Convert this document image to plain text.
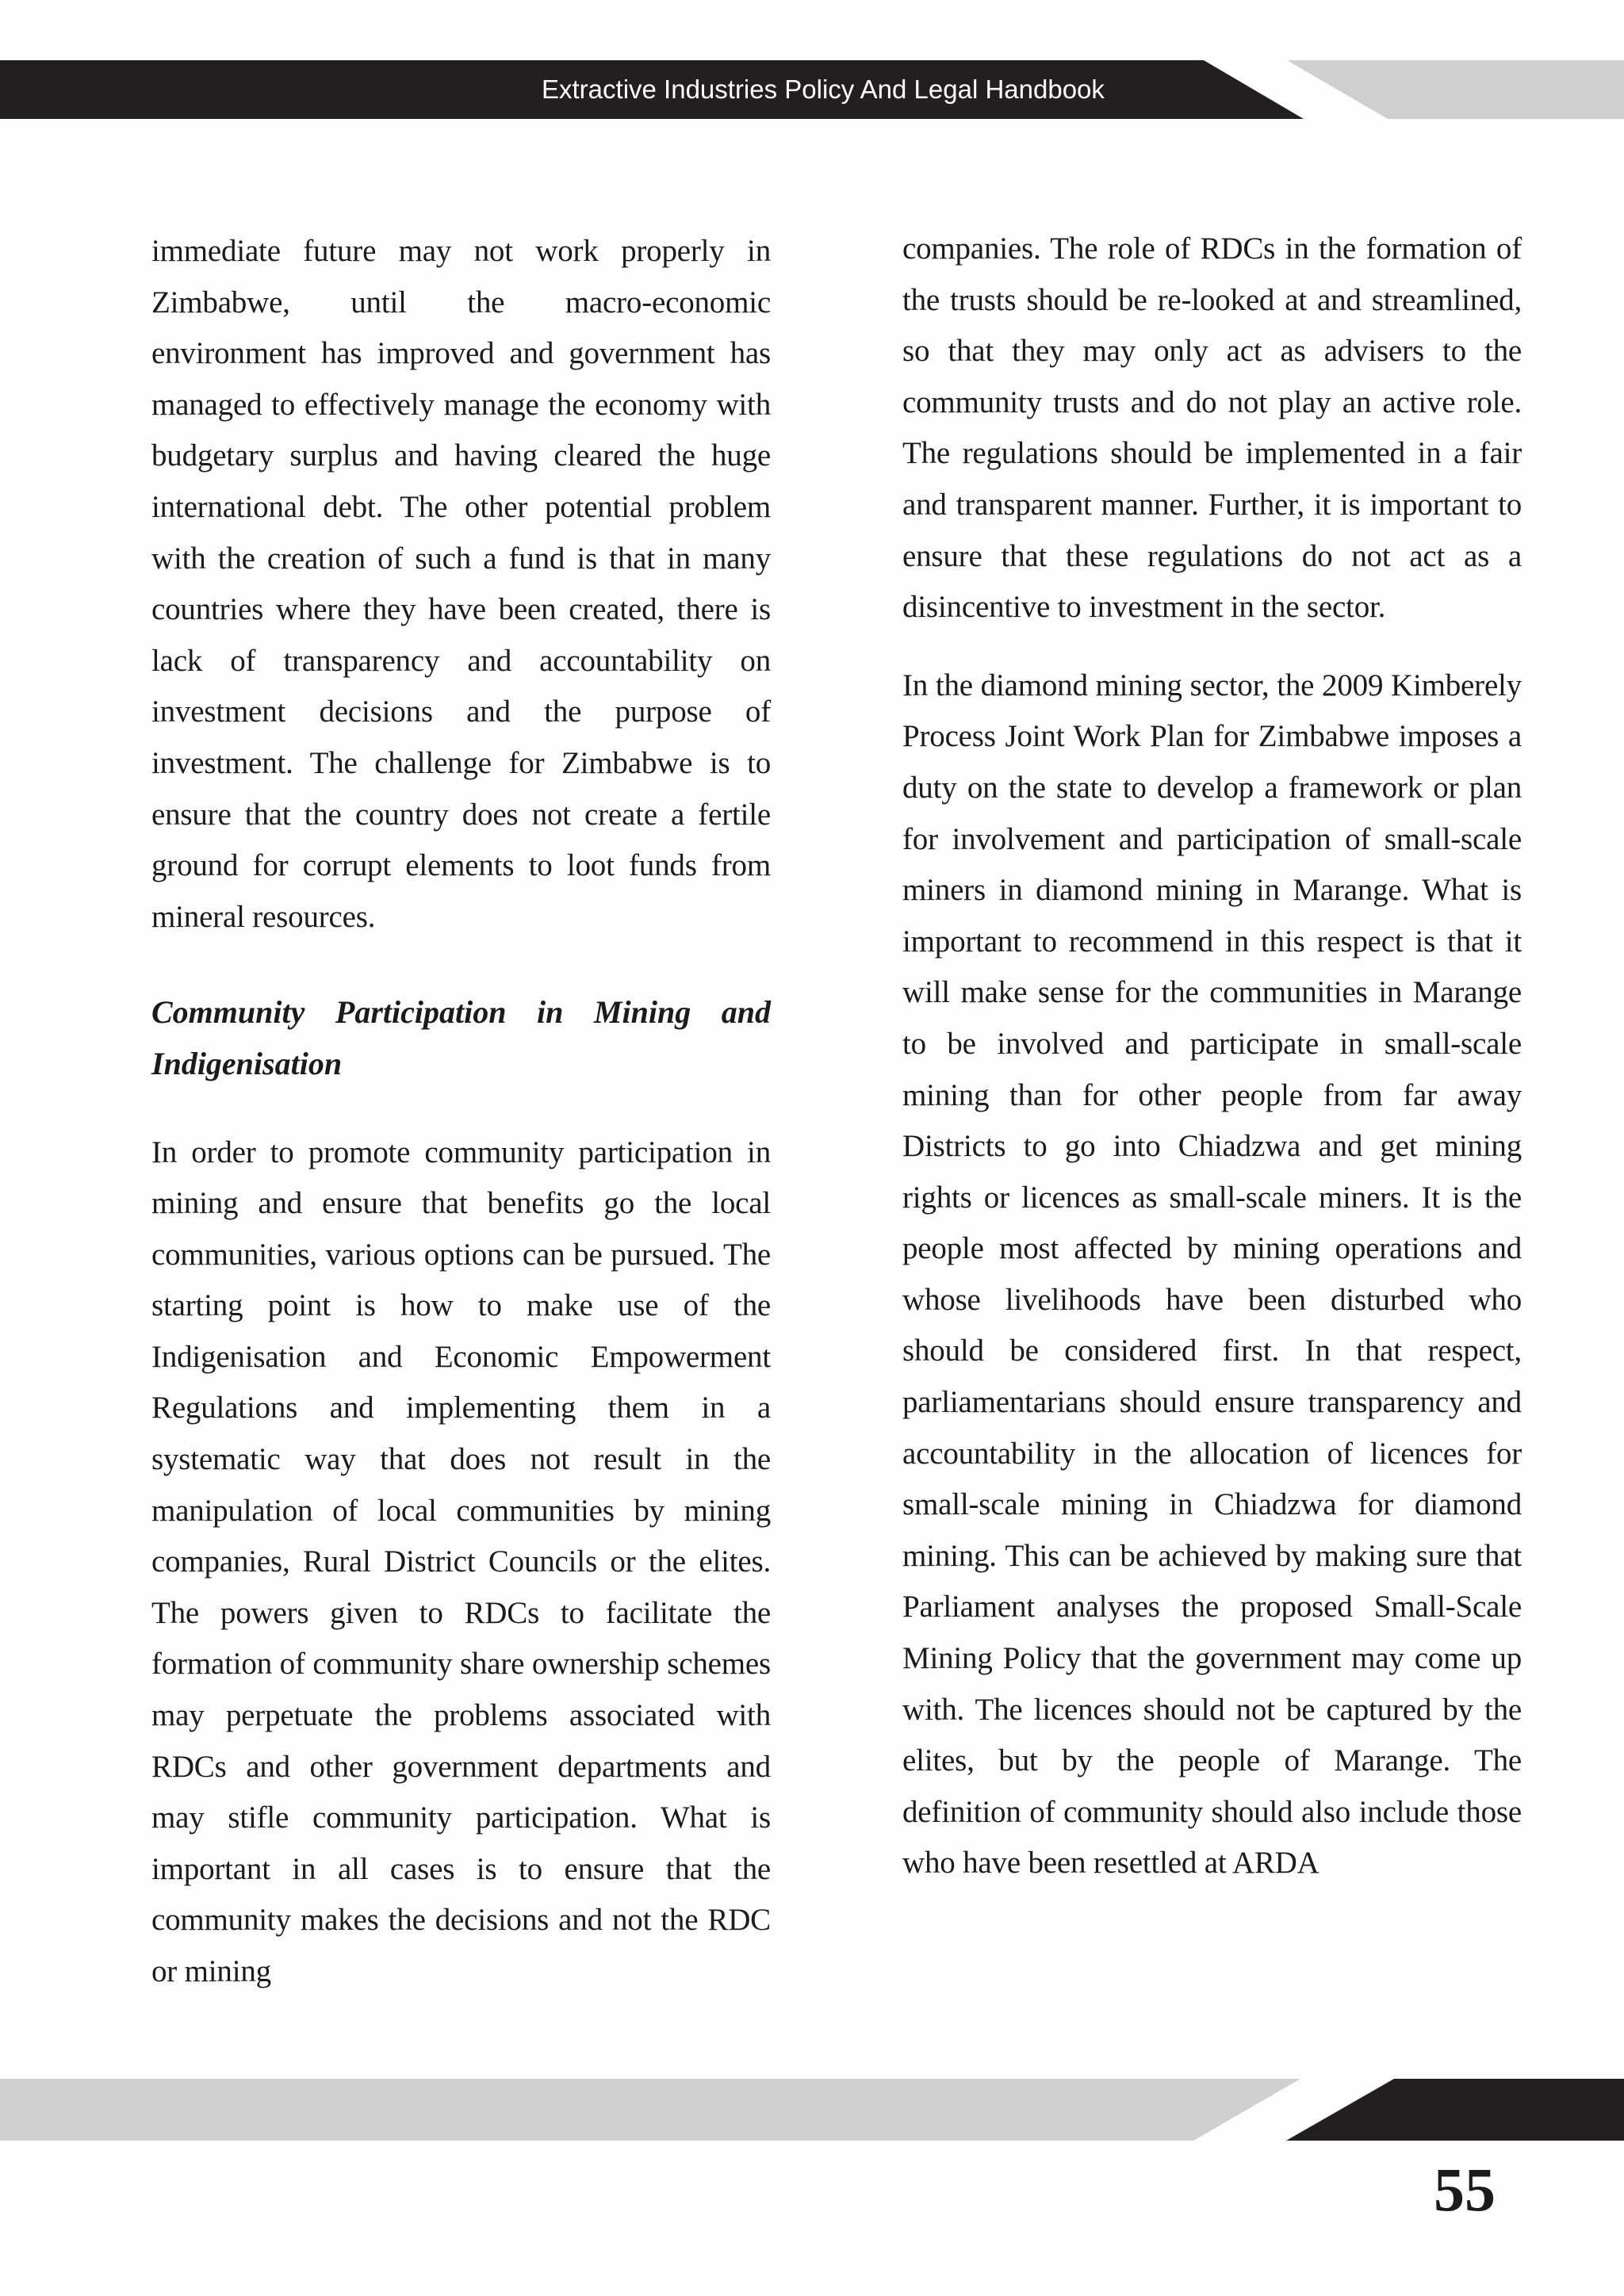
Extractive Industries Policy And Legal Handbook

immediate future may not work properly in Zimbabwe, until the macro-economic environment has improved and government has managed to effectively manage the economy with budgetary surplus and having cleared the huge international debt. The other potential problem with the creation of such a fund is that in many countries where they have been created, there is lack of transparency and accountability on investment decisions and the purpose of investment. The challenge for Zimbabwe is to ensure that the country does not create a fertile ground for corrupt elements to loot funds from mineral resources.

Community Participation in Mining and Indigenisation

In order to promote community participation in mining and ensure that benefits go the local communities, various options can be pursued. The starting point is how to make use of the Indigenisation and Economic Empowerment Regulations and implementing them in a systematic way that does not result in the manipulation of local communities by mining companies, Rural District Councils or the elites. The powers given to RDCs to facilitate the formation of community share ownership schemes may perpetuate the problems associated with RDCs and other government departments and may stifle community participation. What is important in all cases is to ensure that the community makes the decisions and not the RDC or mining

companies. The role of RDCs in the formation of the trusts should be re-looked at and streamlined, so that they may only act as advisers to the community trusts and do not play an active role. The regulations should be implemented in a fair and transparent manner. Further, it is important to ensure that these regulations do not act as a disincentive to investment in the sector.

In the diamond mining sector, the 2009 Kimberely Process Joint Work Plan for Zimbabwe imposes a duty on the state to develop a framework or plan for involvement and participation of small-scale miners in diamond mining in Marange. What is important to recommend in this respect is that it will make sense for the communities in Marange to be involved and participate in small-scale mining than for other people from far away Districts to go into Chiadzwa and get mining rights or licences as small-scale miners. It is the people most affected by mining operations and whose livelihoods have been disturbed who should be considered first. In that respect, parliamentarians should ensure transparency and accountability in the allocation of licences for small-scale mining in Chiadzwa for diamond mining. This can be achieved by making sure that Parliament analyses the proposed Small-Scale Mining Policy that the government may come up with. The licences should not be captured by the elites, but by the people of Marange. The definition of community should also include those who have been resettled at ARDA

55
